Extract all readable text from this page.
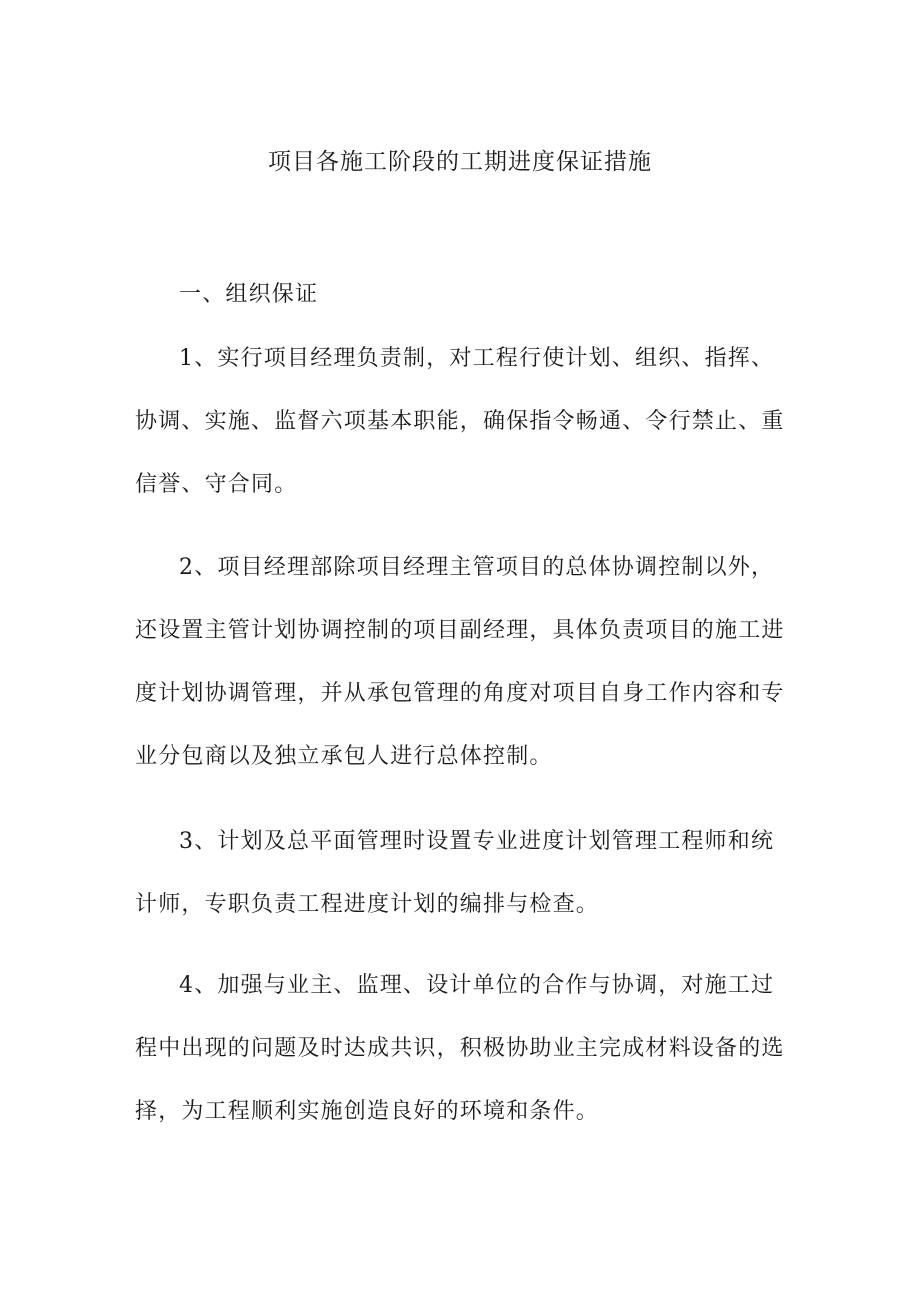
项目各施工阶段的工期进度保证措施

一、组织保证

1、实行项目经理负责制，对工程行使计划、组织、指挥、协调、实施、监督六项基本职能，确保指令畅通、令行禁止、重信誉、守合同。

2、项目经理部除项目经理主管项目的总体协调控制以外，还设置主管计划协调控制的项目副经理，具体负责项目的施工进度计划协调管理，并从承包管理的角度对项目自身工作内容和专业分包商以及独立承包人进行总体控制。

3、计划及总平面管理时设置专业进度计划管理工程师和统计师，专职负责工程进度计划的编排与检查。

4、加强与业主、监理、设计单位的合作与协调，对施工过程中出现的问题及时达成共识，积极协助业主完成材料设备的选择，为工程顺利实施创造良好的环境和条件。
